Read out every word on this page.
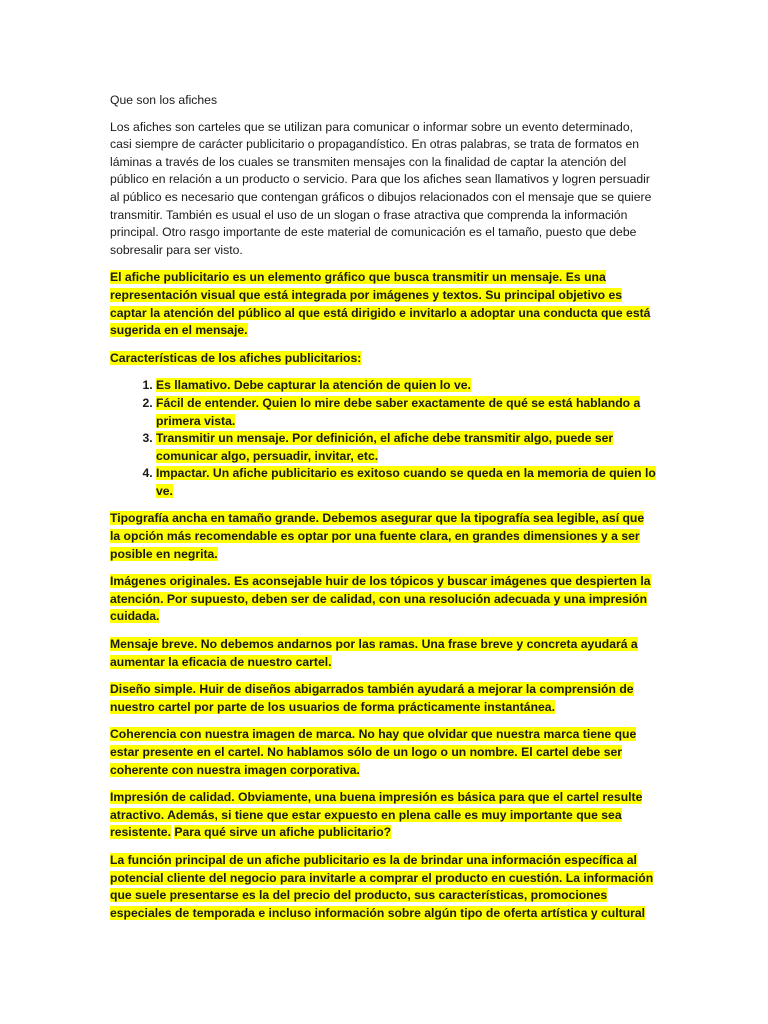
Que son los afiches

Los afiches son carteles que se utilizan para comunicar o informar sobre un evento determinado, casi siempre de carácter publicitario o propagandístico. En otras palabras, se trata de formatos en láminas a través de los cuales se transmiten mensajes con la finalidad de captar la atención del público en relación a un producto o servicio. Para que los afiches sean llamativos y logren persuadir al público es necesario que contengan gráficos o dibujos relacionados con el mensaje que se quiere transmitir. También es usual el uso de un slogan o frase atractiva que comprenda la información principal. Otro rasgo importante de este material de comunicación es el tamaño, puesto que debe sobresalir para ser visto.

El afiche publicitario es un elemento gráfico que busca transmitir un mensaje. Es una representación visual que está integrada por imágenes y textos. Su principal objetivo es captar la atención del público al que está dirigido e invitarlo a adoptar una conducta que está sugerida en el mensaje.

Características de los afiches publicitarios:

1. Es llamativo. Debe capturar la atención de quien lo ve.
2. Fácil de entender. Quien lo mire debe saber exactamente de qué se está hablando a primera vista.
3. Transmitir un mensaje. Por definición, el afiche debe transmitir algo, puede ser comunicar algo, persuadir, invitar, etc.
4. Impactar. Un afiche publicitario es exitoso cuando se queda en la memoria de quien lo ve.

Tipografía ancha en tamaño grande. Debemos asegurar que la tipografía sea legible, así que la opción más recomendable es optar por una fuente clara, en grandes dimensiones y a ser posible en negrita.

Imágenes originales. Es aconsejable huir de los tópicos y buscar imágenes que despierten la atención. Por supuesto, deben ser de calidad, con una resolución adecuada y una impresión cuidada.

Mensaje breve. No debemos andarnos por las ramas. Una frase breve y concreta ayudará a aumentar la eficacia de nuestro cartel.

Diseño simple. Huir de diseños abigarrados también ayudará a mejorar la comprensión de nuestro cartel por parte de los usuarios de forma prácticamente instantánea.

Coherencia con nuestra imagen de marca. No hay que olvidar que nuestra marca tiene que estar presente en el cartel. No hablamos sólo de un logo o un nombre. El cartel debe ser coherente con nuestra imagen corporativa.

Impresión de calidad. Obviamente, una buena impresión es básica para que el cartel resulte atractivo. Además, si tiene que estar expuesto en plena calle es muy importante que sea resistente. Para qué sirve un afiche publicitario?

La función principal de un afiche publicitario es la de brindar una información específica al potencial cliente del negocio para invitarle a comprar el producto en cuestión. La información que suele presentarse es la del precio del producto, sus características, promociones especiales de temporada e incluso información sobre algún tipo de oferta artística y cultural
